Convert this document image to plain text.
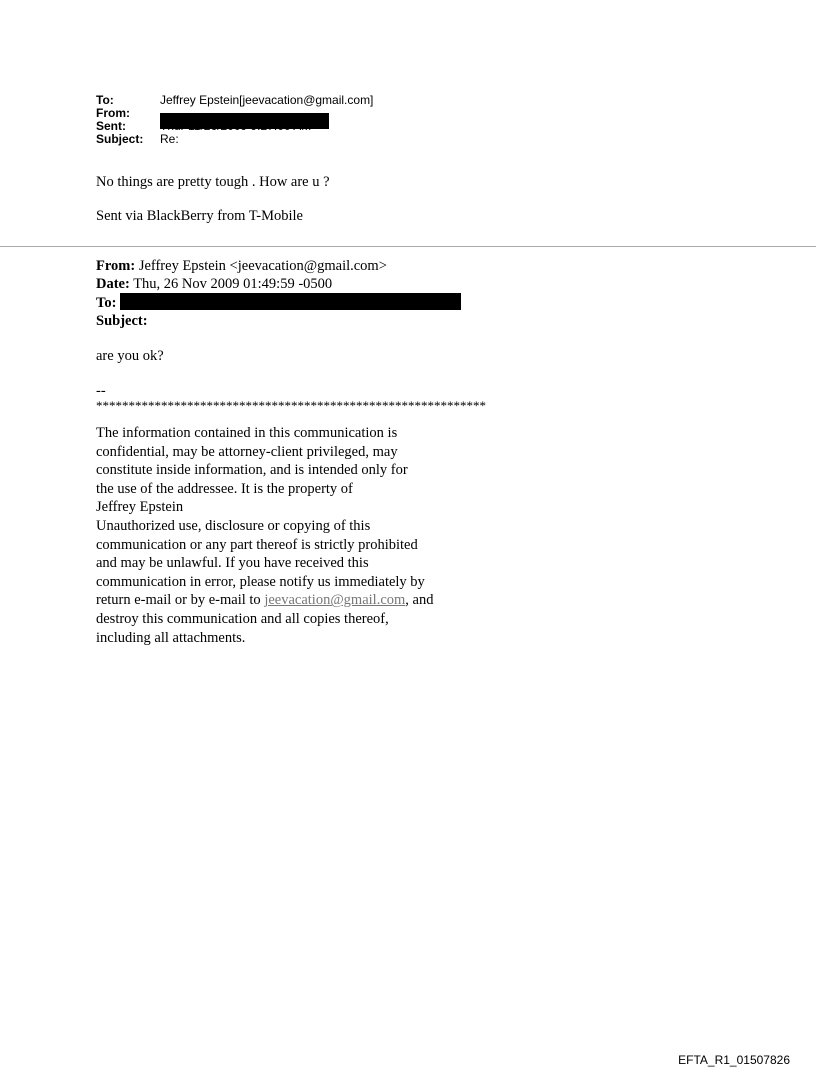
To:	Jeffrey Epstein[jeevacation@gmail.com]
From:
Sent:
Subject:	Re:
No things are pretty tough . How are u ?
Sent via BlackBerry from T-Mobile
From: Jeffrey Epstein <jeevacation@gmail.com>
Date: Thu, 26 Nov 2009 01:49:59 -0500
To:
Subject:
are you ok?
--
************************************************************
The information contained in this communication is
confidential, may be attorney-client privileged, may
constitute inside information, and is intended only for
the use of the addressee. It is the property of
Jeffrey Epstein
Unauthorized use, disclosure or copying of this
communication or any part thereof is strictly prohibited
and may be unlawful. If you have received this
communication in error, please notify us immediately by
return e-mail or by e-mail to jeevacation@gmail.com, and
destroy this communication and all copies thereof,
including all attachments.
EFTA_R1_01507826
